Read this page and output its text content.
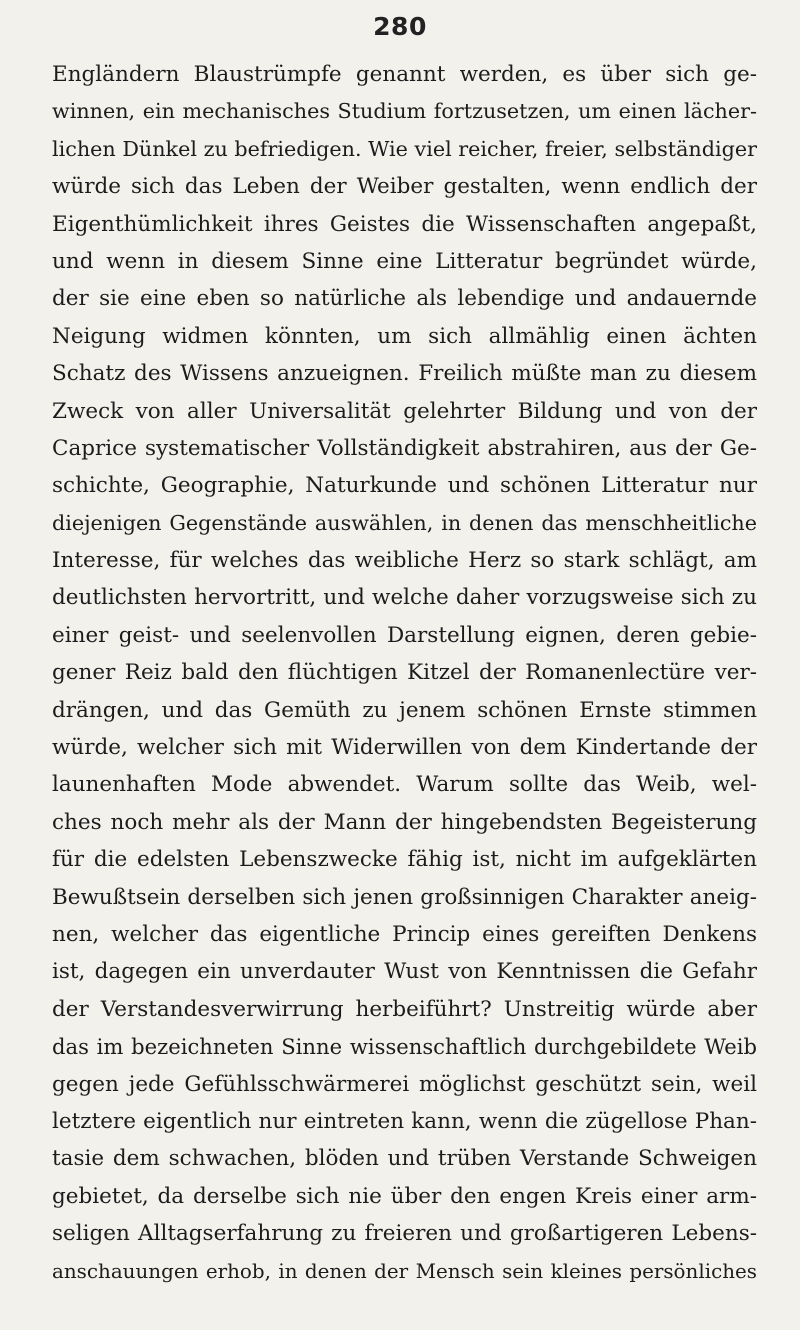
280
Engländern Blaustrümpfe genannt werden, es über sich ge-
winnen, ein mechanisches Studium fortzusetzen, um einen lächer-
lichen Dünkel zu befriedigen. Wie viel reicher, freier, selbständiger
würde sich das Leben der Weiber gestalten, wenn endlich der
Eigenthümlichkeit ihres Geistes die Wissenschaften angepaßt,
und wenn in diesem Sinne eine Litteratur begründet würde,
der sie eine eben so natürliche als lebendige und andauernde
Neigung widmen könnten, um sich allmählig einen ächten
Schatz des Wissens anzueignen. Freilich müßte man zu diesem
Zweck von aller Universalität gelehrter Bildung und von der
Caprice systematischer Vollständigkeit abstrahiren, aus der Ge-
schichte, Geographie, Naturkunde und schönen Litteratur nur
diejenigen Gegenstände auswählen, in denen das menschheitliche
Interesse, für welches das weibliche Herz so stark schlägt, am
deutlichsten hervortritt, und welche daher vorzugsweise sich zu
einer geist- und seelenvollen Darstellung eignen, deren gebie-
gener Reiz bald den flüchtigen Kitzel der Romanenlectüre ver-
drängen, und das Gemüth zu jenem schönen Ernste stimmen
würde, welcher sich mit Widerwillen von dem Kindertande der
launenhaften Mode abwendet. Warum sollte das Weib, wel-
ches noch mehr als der Mann der hingebendsten Begeisterung
für die edelsten Lebenszwecke fähig ist, nicht im aufgeklärten
Bewußtsein derselben sich jenen großsinnigen Charakter aneig-
nen, welcher das eigentliche Princip eines gereiften Denkens
ist, dagegen ein unverdauter Wust von Kenntnissen die Gefahr
der Verstandesverwirrung herbeiführt? Unstreitig würde aber
das im bezeichneten Sinne wissenschaftlich durchgebildete Weib
gegen jede Gefühlsschwärmerei möglichst geschützt sein, weil
letztere eigentlich nur eintreten kann, wenn die zügellose Phan-
tasie dem schwachen, blöden und trüben Verstande Schweigen
gebietet, da derselbe sich nie über den engen Kreis einer arm-
seligen Alltagserfahrung zu freieren und großartigeren Lebens-
anschauungen erhob, in denen der Mensch sein kleines persönliches
